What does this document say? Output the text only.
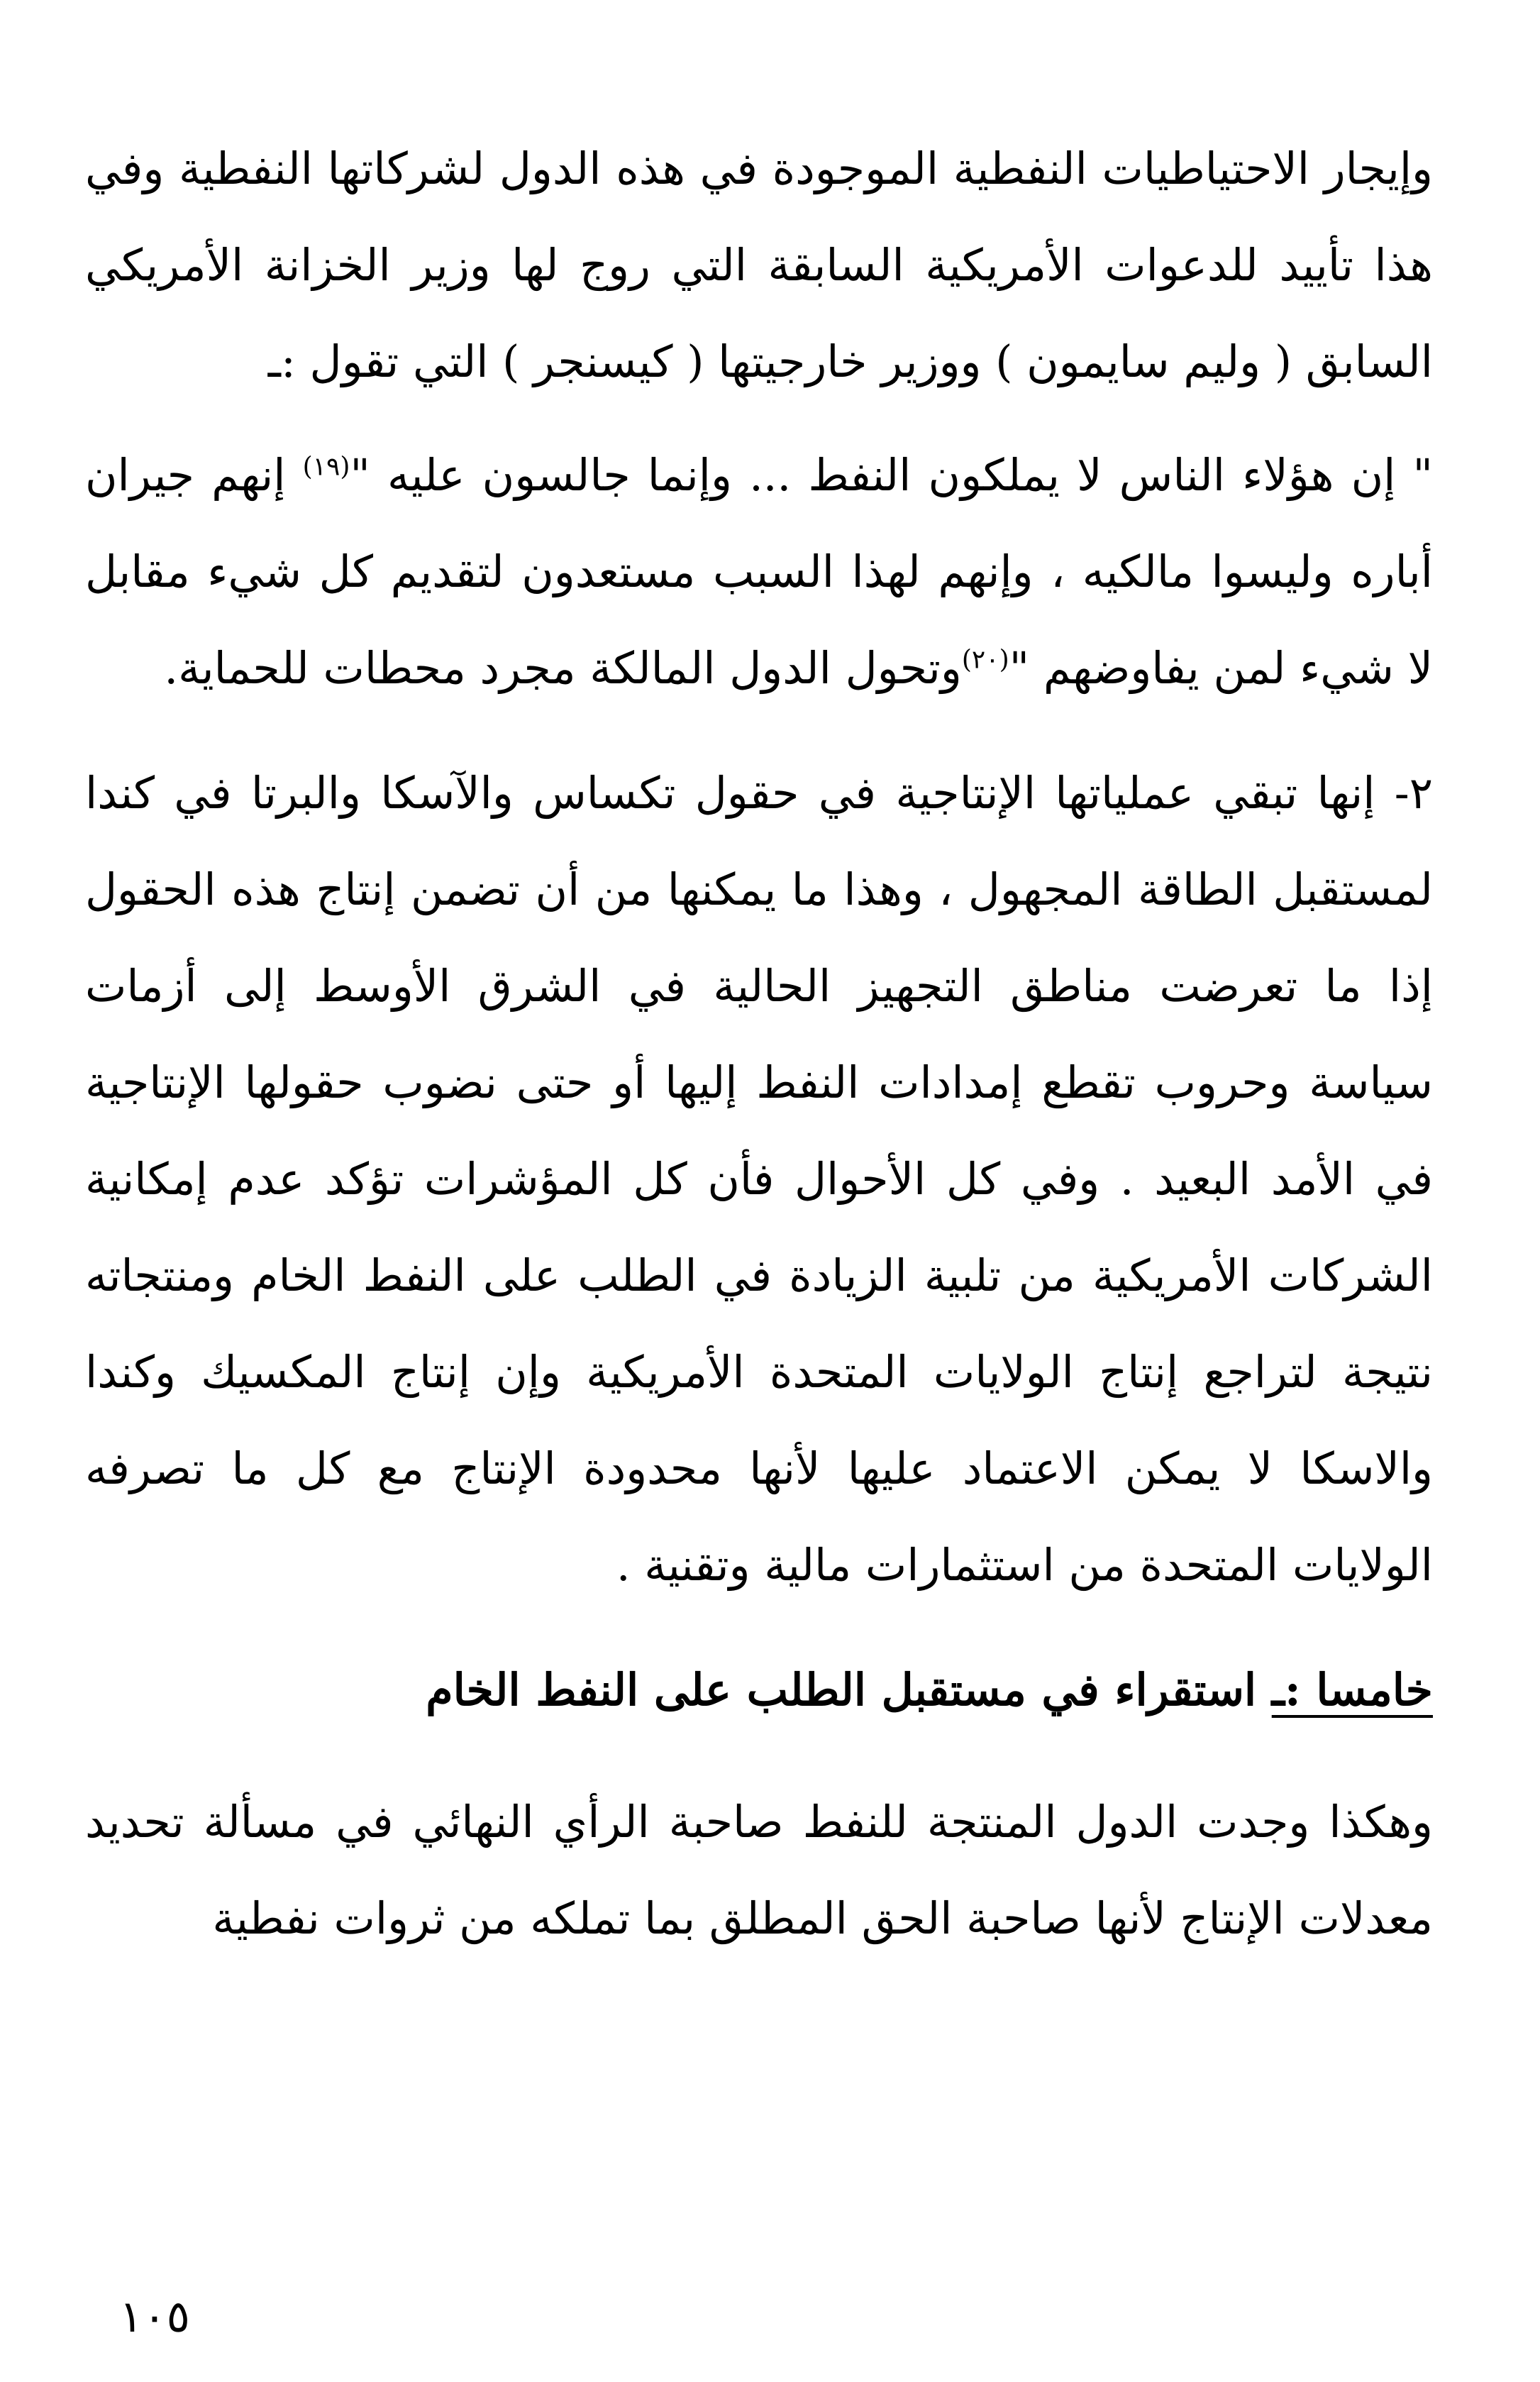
وإيجار الاحتياطيات النفطية الموجودة في هذه الدول لشركاتها النفطية وفي هذا تأييد للدعوات الأمريكية السابقة التي روج لها وزير الخزانة الأمريكي السابق ( وليم سايمون ) ووزير خارجيتها ( كيسنجر ) التي تقول :ـ

" إن هؤلاء الناس لا يملكون النفط ... وإنما جالسون عليه "$^{(١٩)}$ إنهم جيران أباره وليسوا مالكيه ، وإنهم لهذا السبب مستعدون لتقديم كل شيء مقابل لا شيء لمن يفاوضهم "$^{(٢٠)}$وتحول الدول المالكة مجرد محطات للحماية.

٢- إنها تبقي عملياتها الإنتاجية في حقول تكساس والآسكا والبرتا في كندا لمستقبل الطاقة المجهول ، وهذا ما يمكنها من أن تضمن إنتاج هذه الحقول إذا ما تعرضت مناطق التجهيز الحالية في الشرق الأوسط إلى أزمات سياسة وحروب تقطع إمدادات النفط إليها أو حتى نضوب حقولها الإنتاجية في الأمد البعيد . وفي كل الأحوال فأن كل المؤشرات تؤكد عدم إمكانية الشركات الأمريكية من تلبية الزيادة في الطلب على النفط الخام ومنتجاته نتيجة لتراجع إنتاج الولايات المتحدة الأمريكية وإن إنتاج المكسيك وكندا والاسكا لا يمكن الاعتماد عليها لأنها محدودة الإنتاج مع كل ما تصرفه الولايات المتحدة من استثمارات مالية وتقنية .

خامسا :ـ استقراء في مستقبل الطلب على النفط الخام

وهكذا وجدت الدول المنتجة للنفط صاحبة الرأي النهائي في مسألة تحديد معدلات الإنتاج لأنها صاحبة الحق المطلق بما تملكه من ثروات نفطية

١٠٥
